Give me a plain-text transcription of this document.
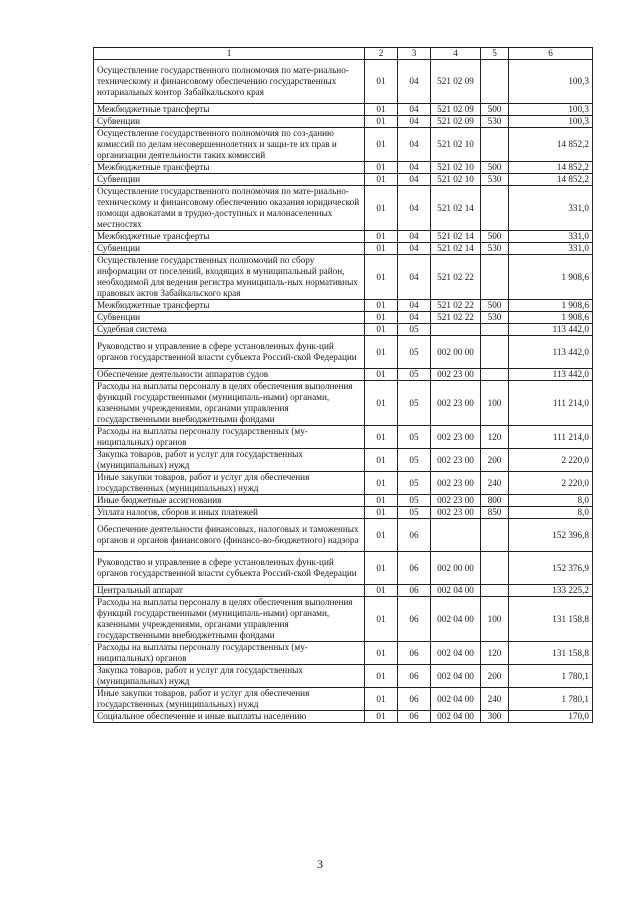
1	2	3	4	5	6
Осуществление государственного полномочия по мате-риально-техническому и финансовому обеспечению государственных нотариальных контор Забайкальского края	01	04	521 02 09		100,3
Межбюджетные трансферты	01	04	521 02 09	500	100,3
Субвенции	01	04	521 02 09	530	100,3
Осуществление государственного полномочия по соз-данию комиссий по делам несовершеннолетних и защи-те их прав и организации деятельности таких комиссий	01	04	521 02 10		14 852,2
Межбюджетные трансферты	01	04	521 02 10	500	14 852,2
Субвенции	01	04	521 02 10	530	14 852,2
Осуществление государственного полномочия по мате-риально-техническому и финансовому обеспечению оказания юридической помощи адвокатами в трудно-доступных и малонаселенных местностях	01	04	521 02 14		331,0
Межбюджетные трансферты	01	04	521 02 14	500	331,0
Субвенции	01	04	521 02 14	530	331,0
Осуществление государственных полномочий по сбору информации от поселений, входящих в муниципальный район, необходимой для ведения регистра муниципаль-ных нормативных правовых актов Забайкальского края	01	04	521 02 22		1 908,6
Межбюджетные трансферты	01	04	521 02 22	500	1 908,6
Субвенции	01	04	521 02 22	530	1 908,6
Судебная система	01	05			113 442,0
Руководство и управление в сфере установленных функ-ций органов государственной власти субъекта Россий-ской Федерации	01	05	002 00 00		113 442,0
Обеспечение деятельности аппаратов судов	01	05	002 23 00		113 442,0
Расходы на выплаты персоналу в целях обеспечения выполнения функций государственными (муниципаль-ными) органами, казенными учреждениями, органами управления государственными внебюджетными фондами	01	05	002 23 00	100	111 214,0
Расходы на выплаты персоналу государственных (му-ниципальных) органов	01	05	002 23 00	120	111 214,0
Закупка товаров, работ и услуг для государственных (муниципальных) нужд	01	05	002 23 00	200	2 220,0
Иные закупки товаров, работ и услуг для обеспечения государственных (муниципальных) нужд	01	05	002 23 00	240	2 220,0
Иные бюджетные ассигнования	01	05	002 23 00	800	8,0
Уплата налогов, сборов и иных платежей	01	05	002 23 00	850	8,0
Обеспечение деятельности финансовых, налоговых и таможенных органов и органов финансового (финансо-во-бюджетного) надзора	01	06			152 396,8
Руководство и управление в сфере установленных функ-ций органов государственной власти субъекта Россий-ской Федерации	01	06	002 00 00		152 376,9
Центральный аппарат	01	06	002 04 00		133 225,2
Расходы на выплаты персоналу в целях обеспечения выполнения функций государственными (муниципаль-ными) органами, казенными учреждениями, органами управления государственными внебюджетными фондами	01	06	002 04 00	100	131 158,8
Расходы на выплаты персоналу государственных (му-ниципальных) органов	01	06	002 04 00	120	131 158,8
Закупка товаров, работ и услуг для государственных (муниципальных) нужд	01	06	002 04 00	200	1 780,1
Иные закупки товаров, работ и услуг для обеспечения государственных (муниципальных) нужд	01	06	002 04 00	240	1 780,1
Социальное обеспечение и иные выплаты населению	01	06	002 04 00	300	170,0
3
